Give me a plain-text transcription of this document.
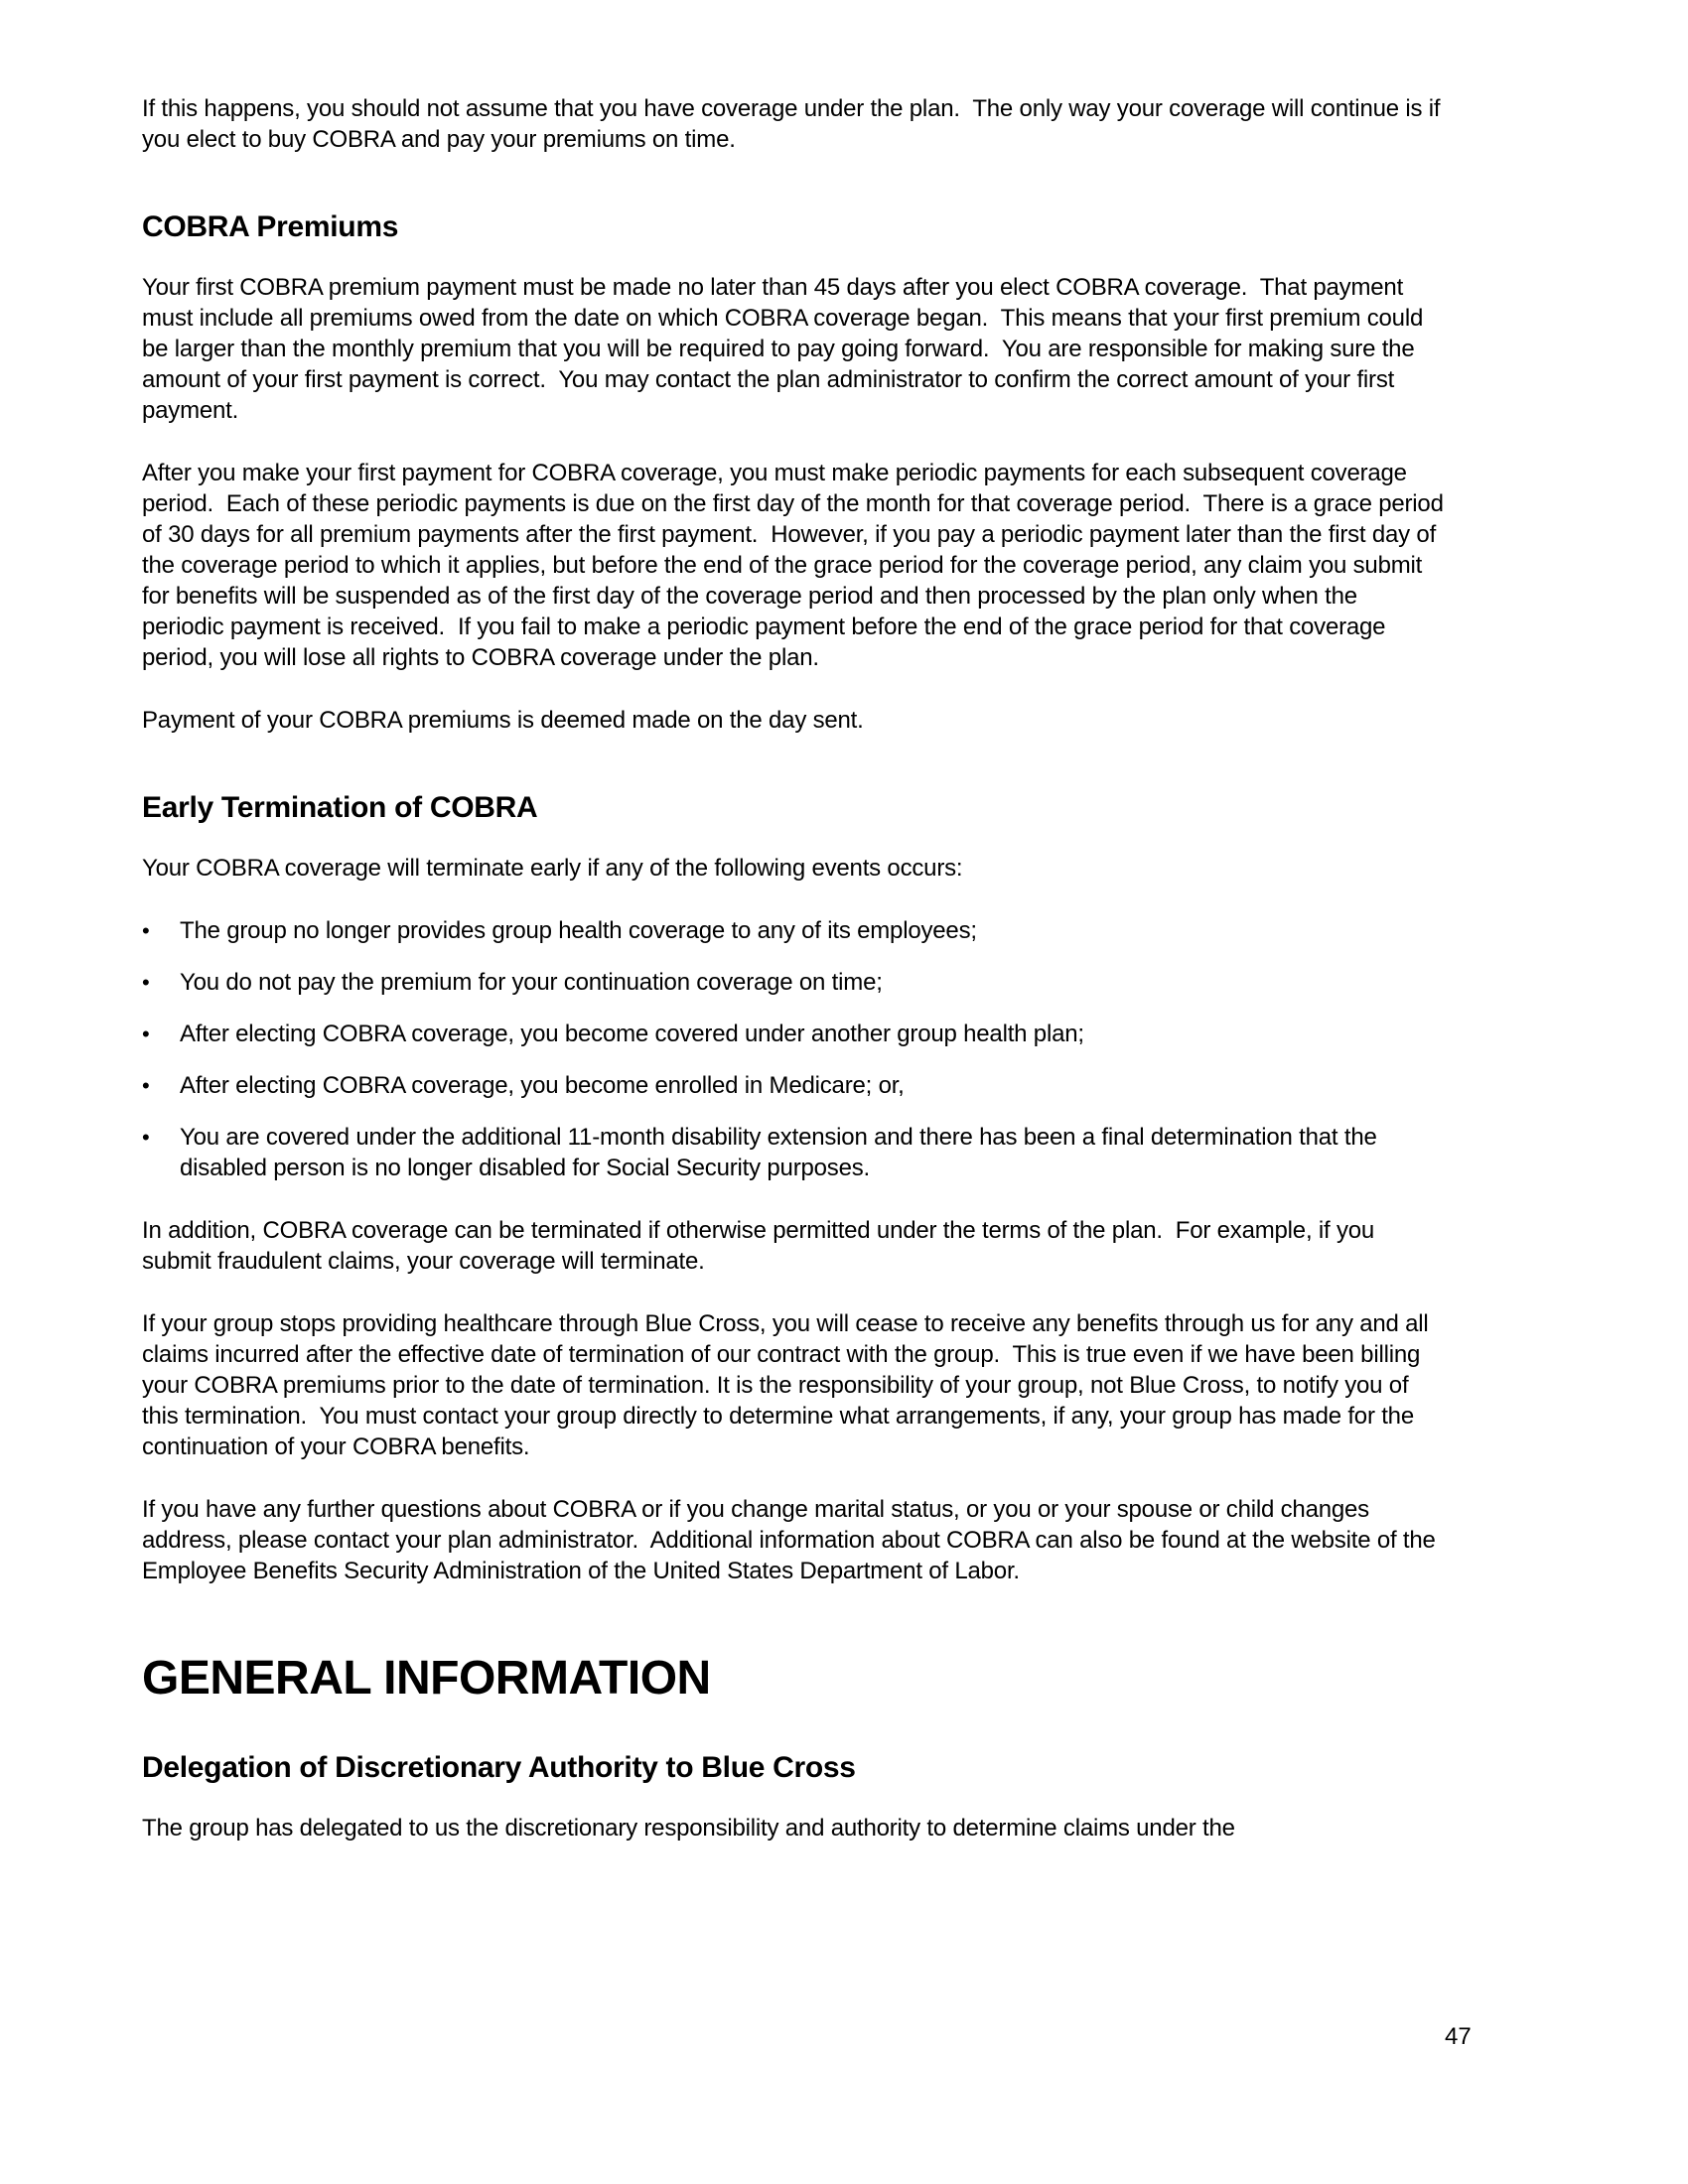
If this happens, you should not assume that you have coverage under the plan.  The only way your coverage will continue is if you elect to buy COBRA and pay your premiums on time.

COBRA Premiums

Your first COBRA premium payment must be made no later than 45 days after you elect COBRA coverage.  That payment must include all premiums owed from the date on which COBRA coverage began.  This means that your first premium could be larger than the monthly premium that you will be required to pay going forward.  You are responsible for making sure the amount of your first payment is correct.  You may contact the plan administrator to confirm the correct amount of your first payment.

After you make your first payment for COBRA coverage, you must make periodic payments for each subsequent coverage period.  Each of these periodic payments is due on the first day of the month for that coverage period.  There is a grace period of 30 days for all premium payments after the first payment.  However, if you pay a periodic payment later than the first day of the coverage period to which it applies, but before the end of the grace period for the coverage period, any claim you submit for benefits will be suspended as of the first day of the coverage period and then processed by the plan only when the periodic payment is received.  If you fail to make a periodic payment before the end of the grace period for that coverage period, you will lose all rights to COBRA coverage under the plan.

Payment of your COBRA premiums is deemed made on the day sent.

Early Termination of COBRA

Your COBRA coverage will terminate early if any of the following events occurs:

•	The group no longer provides group health coverage to any of its employees;
•	You do not pay the premium for your continuation coverage on time;
•	After electing COBRA coverage, you become covered under another group health plan;
•	After electing COBRA coverage, you become enrolled in Medicare; or,
•	You are covered under the additional 11-month disability extension and there has been a final determination that the disabled person is no longer disabled for Social Security purposes.

In addition, COBRA coverage can be terminated if otherwise permitted under the terms of the plan.  For example, if you submit fraudulent claims, your coverage will terminate.

If your group stops providing healthcare through Blue Cross, you will cease to receive any benefits through us for any and all claims incurred after the effective date of termination of our contract with the group.  This is true even if we have been billing your COBRA premiums prior to the date of termination. It is the responsibility of your group, not Blue Cross, to notify you of this termination.  You must contact your group directly to determine what arrangements, if any, your group has made for the continuation of your COBRA benefits.

If you have any further questions about COBRA or if you change marital status, or you or your spouse or child changes address, please contact your plan administrator.  Additional information about COBRA can also be found at the website of the Employee Benefits Security Administration of the United States Department of Labor.

GENERAL INFORMATION
Delegation of Discretionary Authority to Blue Cross

The group has delegated to us the discretionary responsibility and authority to determine claims under the

47
